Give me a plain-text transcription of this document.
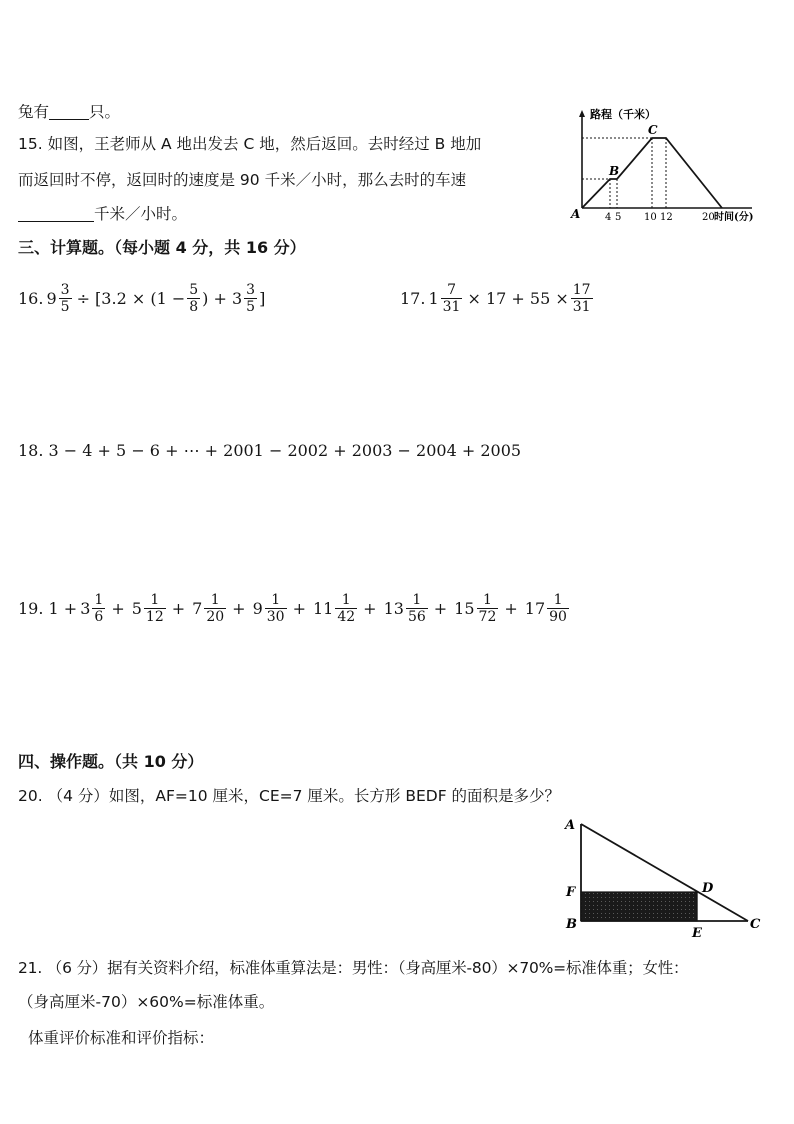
兔有	只。
15. 如图，王老师从 A 地出发去 C 地，然后返回。去时经过 B 地加
而返回时不停，返回时的速度是 90 千米／小时，那么去时的车速
千米／小时。
路程（千米）
A
B
C
4 5 10 12	20 时间(分)
三、计算题。（每小题 4 分，共 16 分）
16. $9 \frac{3}{5} \div [3.2 \times (1 - \frac{5}{8}$ ) + $3 \frac{3}{5}$ ]	17. $1 \frac{7}{31} \times 17 + 55 \times \frac{17}{31}$
18. 3 − 4 + 5 − 6 + ⋯ + 2001 − 2002 + 2003 − 2004 + 2005
19. $1 + 3 \frac{1}{6} + 5 \frac{1}{12} + 7 \frac{1}{20} + 9 \frac{1}{30} + 11 \frac{1}{42} + 13 \frac{1}{56} + 15 \frac{1}{72} + 17 \frac{1}{90}$
四、操作题。（共 10 分）
20. （4 分）如图，AF=10 厘米，CE=7 厘米。长方形 BEDF 的面积是多少？
A
F
B
D
E
C
21. （6 分）据有关资料介绍，标准体重算法是：男性：（身高厘米-80）×70%=标准体重；女性：
（身高厘米-70）×60%=标准体重。
体重评价标准和评价指标：
